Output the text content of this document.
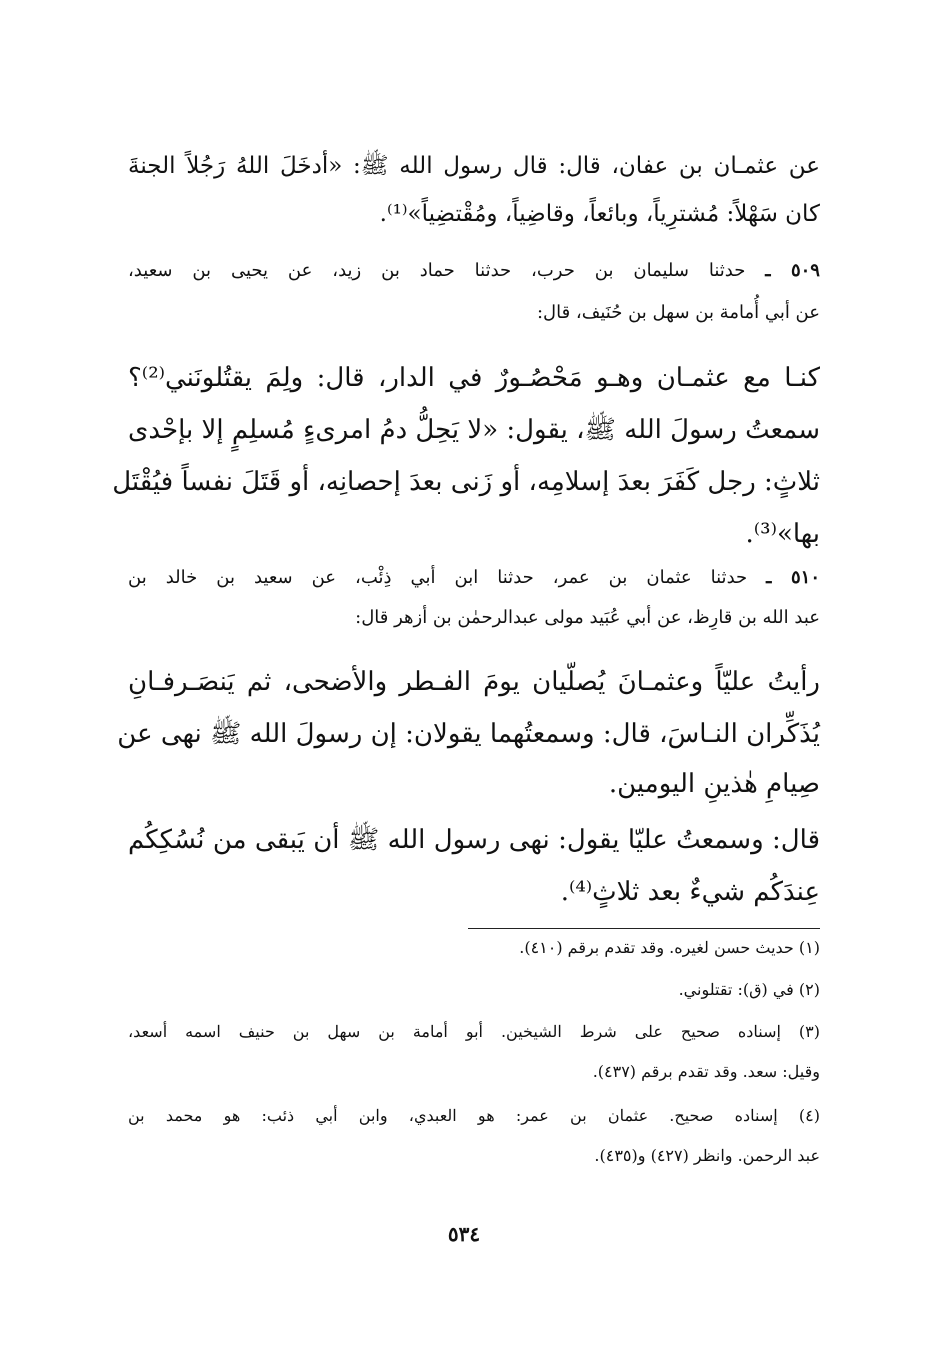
عن عثمـان بن عفان، قال: قال رسول الله ﷺ: «أدخَلَ اللهُ رَجُلاً الجنةَ
كان سَهْلاً: مُشترِياً، وبائعاً، وقاضِياً، ومُقْتضِياً»⁽¹⁾.
٥٠٩ ـ حدثنا سليمان بن حرب، حدثنا حماد بن زيد، عن يحيى بن سعيد،
عن أبي أُمامة بن سهل بن حُنَيف، قال:
كنـا مع عثمـان وهـو مَحْصُـورٌ في الدار، قال: ولِمَ يقتُلونَني⁽²⁾؟
سمعتُ رسولَ الله ﷺ، يقول: «لا يَحِلُّ دمُ امرىءٍ مُسلِمٍ إلا بإحْدى
ثلاثٍ: رجل كَفَرَ بعدَ إسلامِه، أو زَنى بعدَ إحصانِه، أو قَتَلَ نفساً فيُقْتَل
بها»⁽³⁾.
٥١٠ ـ حدثنا عثمان بن عمر، حدثنا ابن أبي ذِئْب، عن سعيد بن خالد بن
عبد الله بن قارِظ، عن أبي عُبَيد مولى عبدالرحمٰن بن أزهر قال:
رأيتُ عليّاً وعثمـانَ يُصلّيان يومَ الفـطر والأضحى، ثم يَنصَـرفـانِ
يُذَكِّران النـاسَ، قال: وسمعتُهما يقولان: إن رسولَ الله ﷺ نهى عن
صِيامِ هٰذينِ اليومين.
قال: وسمعتُ عليّا يقول: نهى رسول الله ﷺ أن يَبقى من نُسُكِكُم
عِندَكُم شيءٌ بعد ثلاثٍ⁽⁴⁾.
(١) حديث حسن لغيره. وقد تقدم برقم (٤١٠).
(٢) في (ق): تقتلوني.
(٣) إسناده صحيح على شرط الشيخين. أبو أمامة بن سهل بن حنيف اسمه أسعد،
وقيل: سعد. وقد تقدم برقم (٤٣٧).
(٤) إسناده صحيح. عثمان بن عمر: هو العبدي، وابن أبي ذئب: هو محمد بن
عبد الرحمن. وانظر (٤٢٧) و(٤٣٥).
٥٣٤
